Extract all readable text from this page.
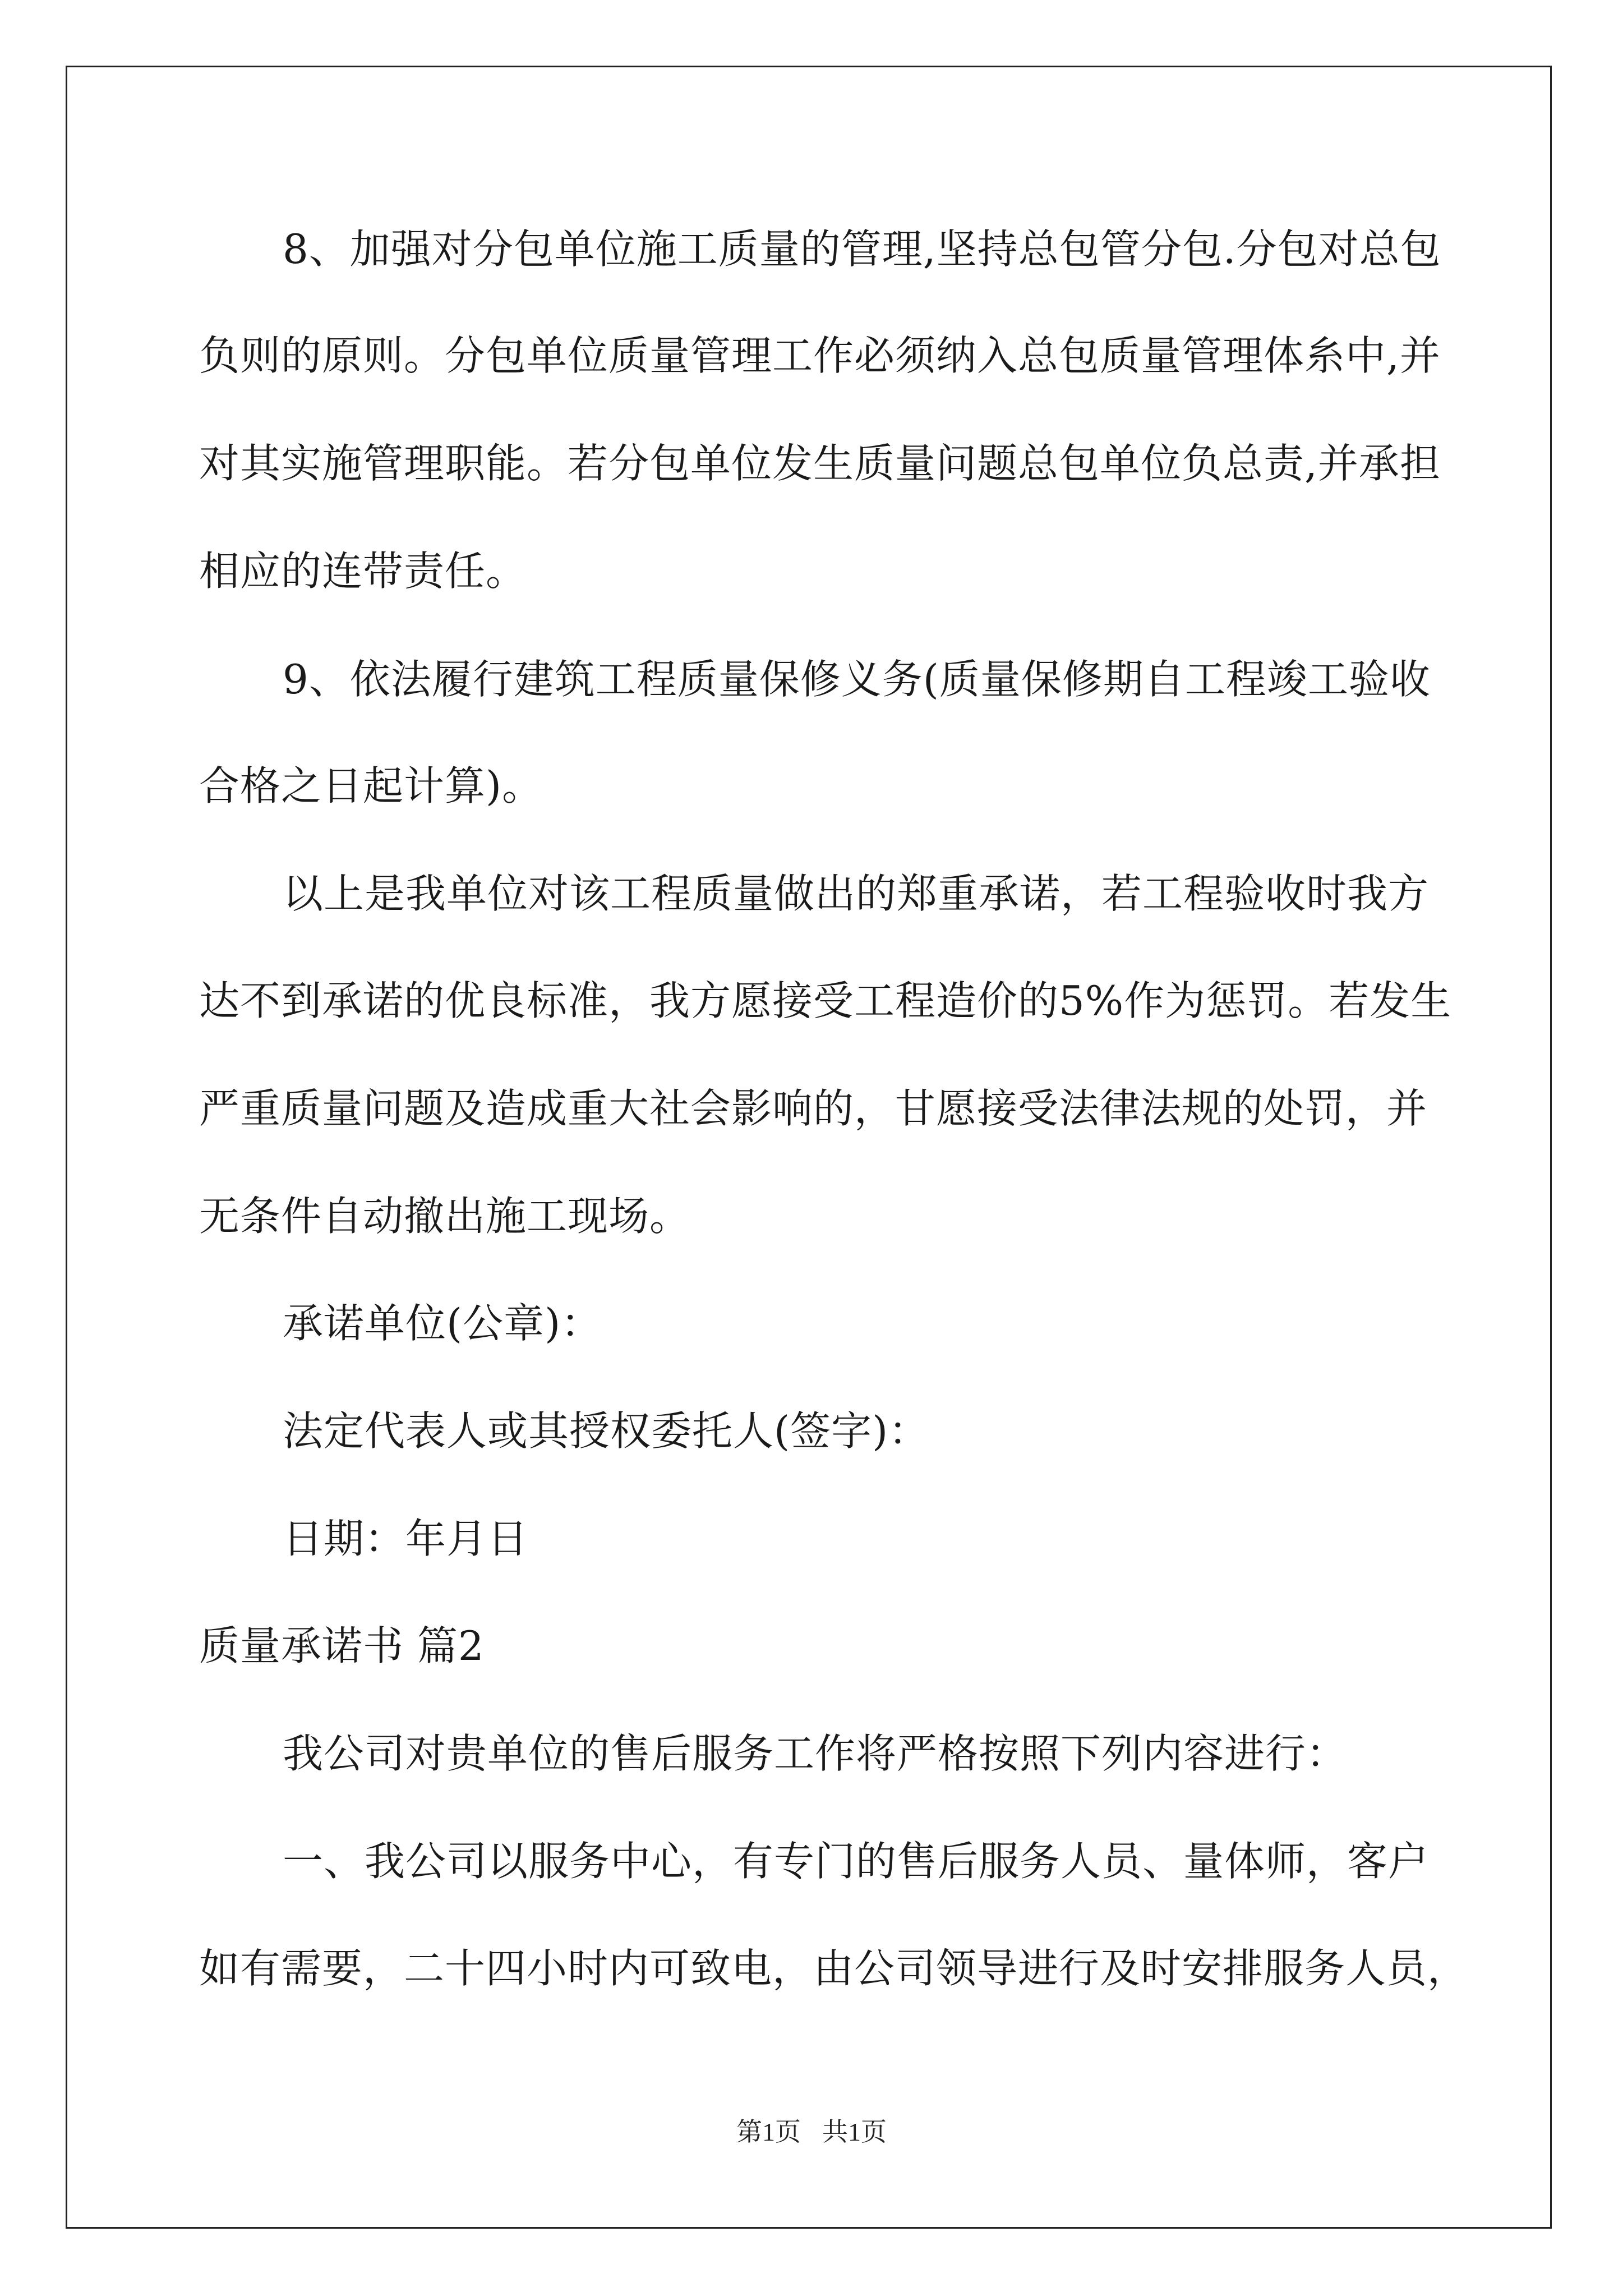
8、加强对分包单位施工质量的管理,坚持总包管分包.分包对总包
负则的原则。分包单位质量管理工作必须纳入总包质量管理体糸中,并
对其实施管理职能。若分包单位发生质量问题总包单位负总责,并承担
相应的连带责任。
9、依法履行建筑工程质量保修义务(质量保修期自工程竣工验收
合格之日起计算)。
以上是我单位对该工程质量做出的郑重承诺，若工程验收时我方
达不到承诺的优良标准，我方愿接受工程造价的5%作为惩罚。若发生
严重质量问题及造成重大社会影响的，甘愿接受法律法规的处罚，并
无条件自动撤出施工现场。
承诺单位(公章)：
法定代表人或其授权委托人(签字)：
日期：年月日
质量承诺书 篇2
我公司对贵单位的售后服务工作将严格按照下列内容进行：
一、我公司以服务中心，有专门的售后服务人员、量体师，客户
如有需要，二十四小时内可致电，由公司领导进行及时安排服务人员，
第1页 共1页
